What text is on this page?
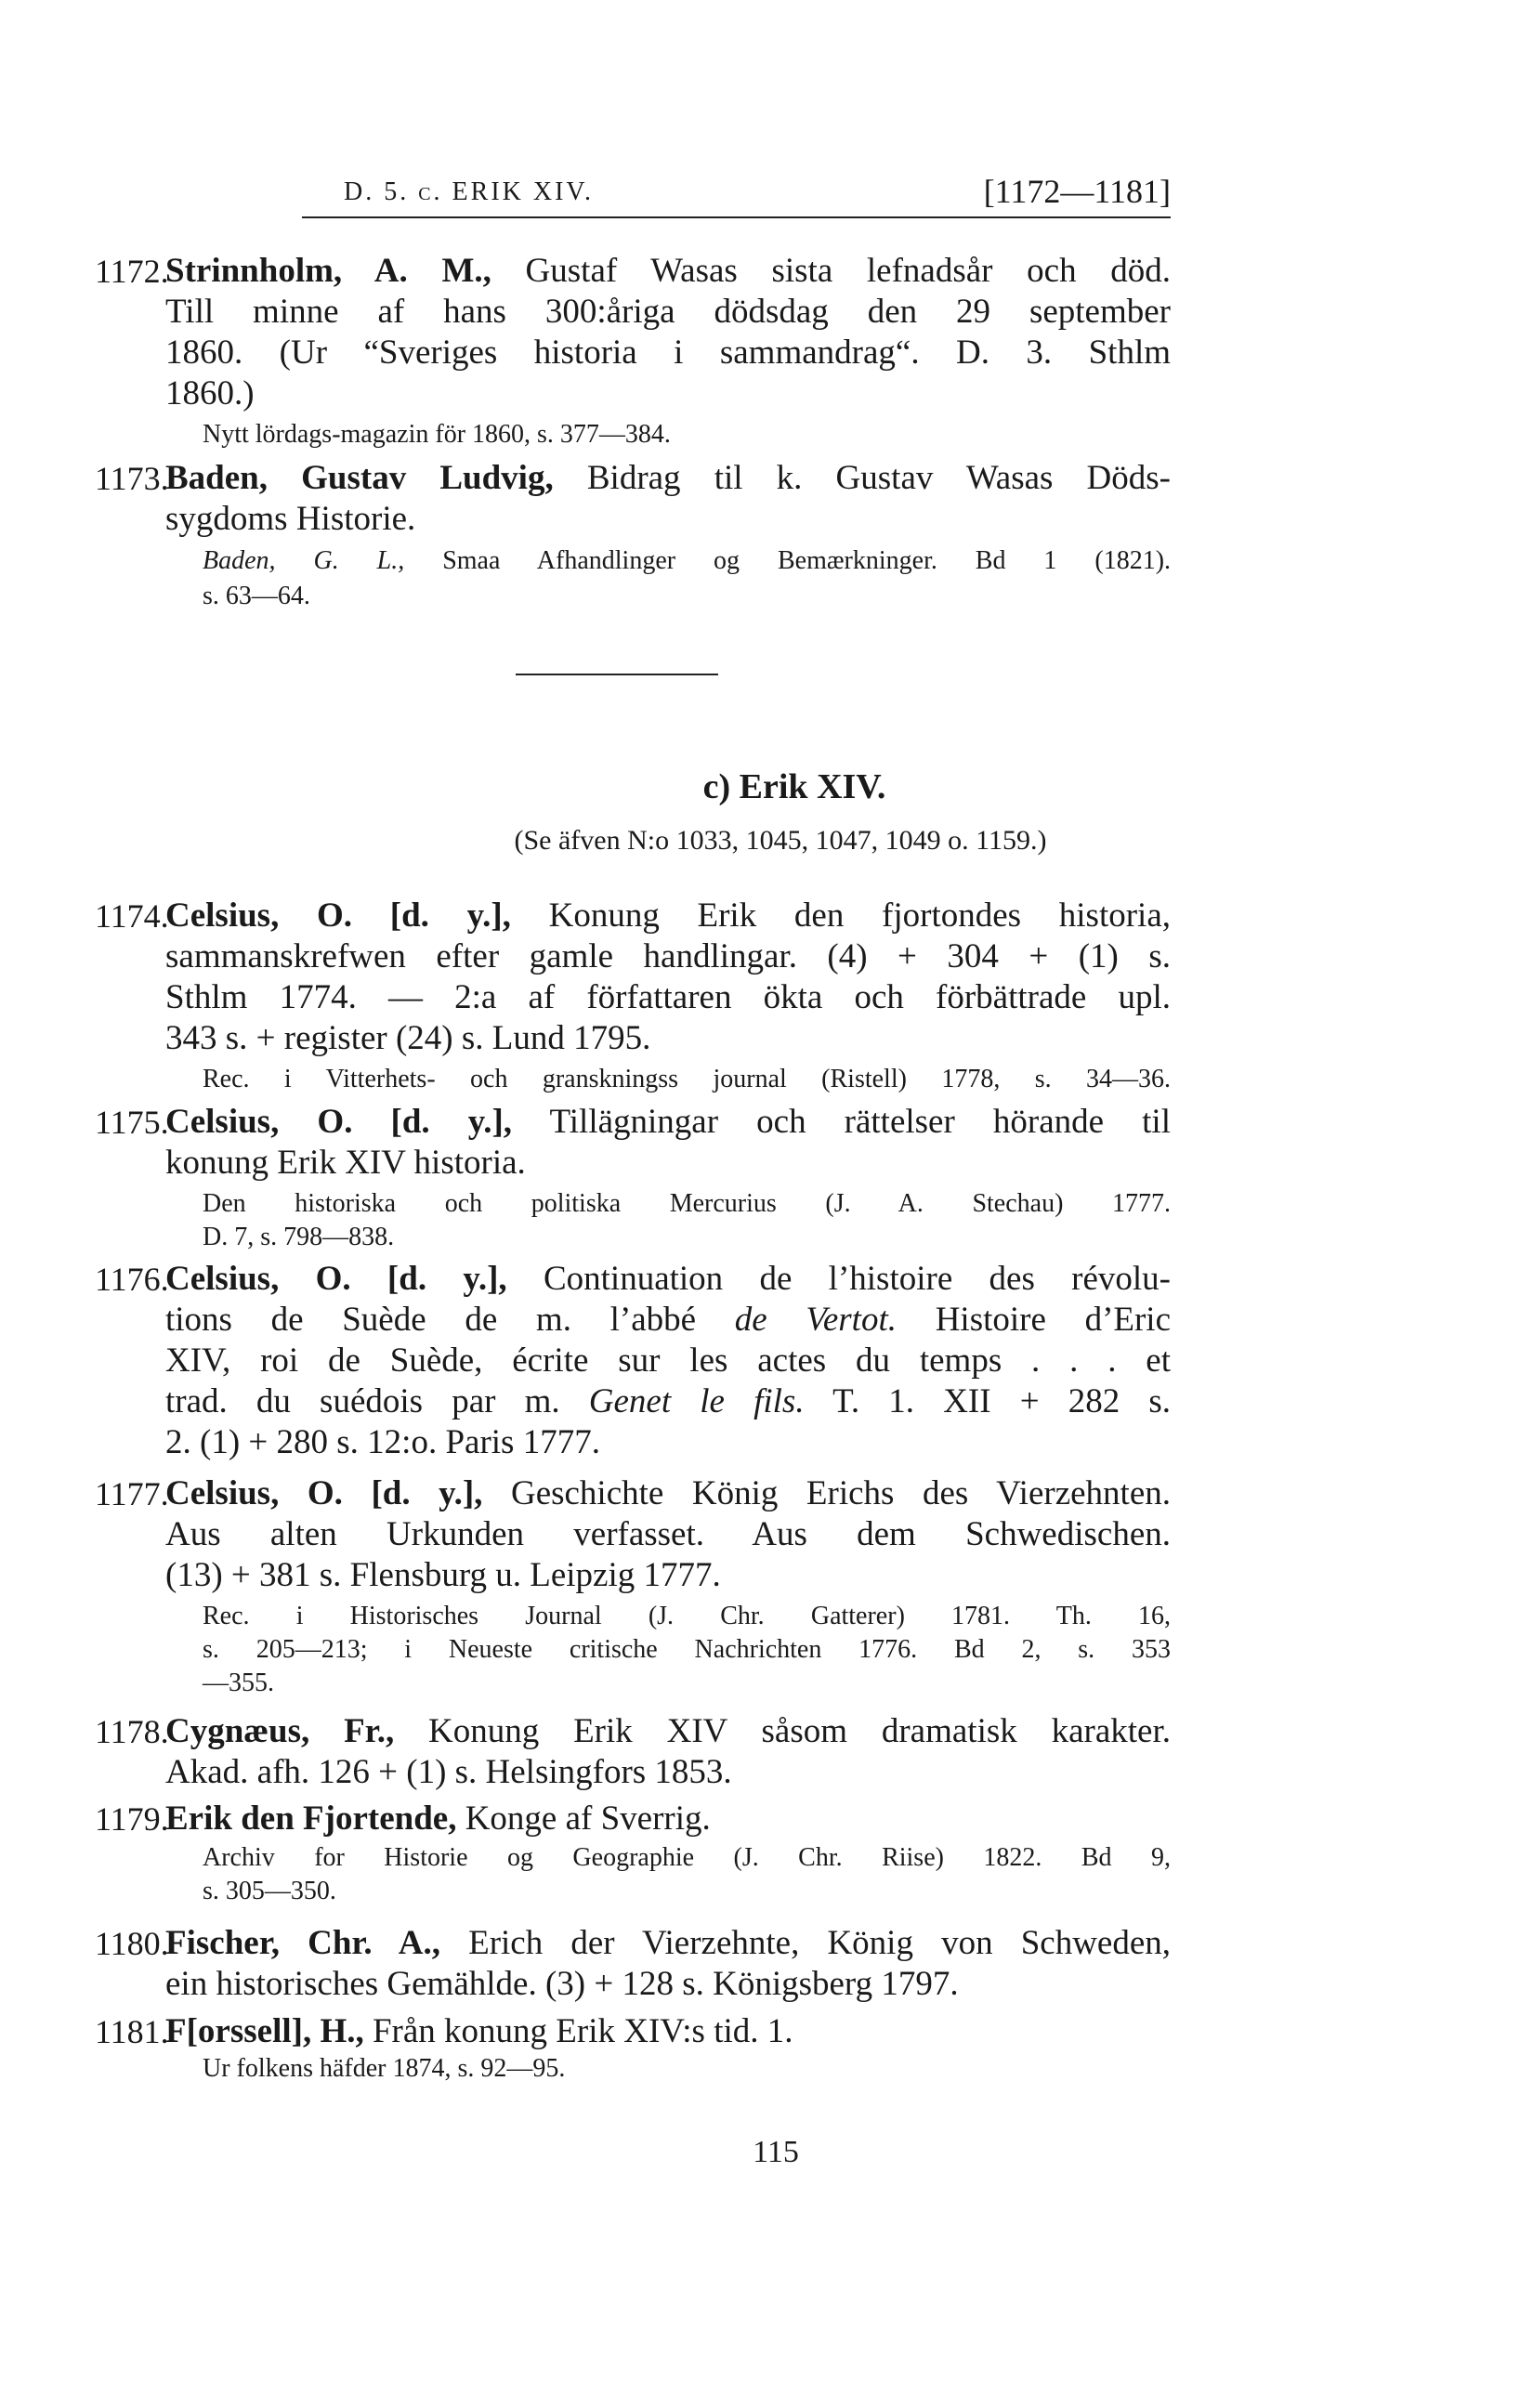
D. 5. c. ERIK XIV.	[1172—1181]
1172.
Strinnholm, A. M., Gustaf Wasas sista lefnadsår och död.
Till minne af hans 300:åriga dödsdag den 29 september
1860. (Ur “Sveriges historia i sammandrag“. D. 3. Sthlm
1860.)
Nytt lördags-magazin för 1860, s. 377—384.
1173.
Baden, Gustav Ludvig, Bidrag til k. Gustav Wasas Döds-
sygdoms Historie.
Baden, G. L., Smaa Afhandlinger og Bemærkninger. Bd 1 (1821).
s. 63—64.
c) Erik XIV.
(Se äfven N:o 1033, 1045, 1047, 1049 o. 1159.)
1174.
Celsius, O. [d. y.], Konung Erik den fjortondes historia,
sammanskrefwen efter gamle handlingar. (4) + 304 + (1) s.
Sthlm 1774. — 2:a af författaren ökta och förbättrade upl.
343 s. + register (24) s. Lund 1795.
Rec. i Vitterhets- och granskningss journal (Ristell) 1778, s. 34—36.
1175.
Celsius, O. [d. y.], Tillägningar och rättelser hörande til
konung Erik XIV historia.
Den historiska och politiska Mercurius (J. A. Stechau) 1777.
D. 7, s. 798—838.
1176.
Celsius, O. [d. y.], Continuation de l’histoire des révolu-
tions de Suède de m. l’abbé de Vertot. Histoire d’Eric
XIV, roi de Suède, écrite sur les actes du temps . . . et
trad. du suédois par m. Genet le fils. T. 1. XII + 282 s.
2. (1) + 280 s. 12:o. Paris 1777.
1177.
Celsius, O. [d. y.], Geschichte König Erichs des Vierzehnten.
Aus alten Urkunden verfasset. Aus dem Schwedischen.
(13) + 381 s. Flensburg u. Leipzig 1777.
Rec. i Historisches Journal (J. Chr. Gatterer) 1781. Th. 16,
s. 205—213; i Neueste critische Nachrichten 1776. Bd 2, s. 353
—355.
1178.
Cygnæus, Fr., Konung Erik XIV såsom dramatisk karakter.
Akad. afh. 126 + (1) s. Helsingfors 1853.
1179.
Erik den Fjortende, Konge af Sverrig.
Archiv for Historie og Geographie (J. Chr. Riise) 1822. Bd 9,
s. 305—350.
1180.
Fischer, Chr. A., Erich der Vierzehnte, König von Schweden,
ein historisches Gemählde. (3) + 128 s. Königsberg 1797.
1181.
F[orssell], H., Från konung Erik XIV:s tid. 1.
Ur folkens häfder 1874, s. 92—95.
115
